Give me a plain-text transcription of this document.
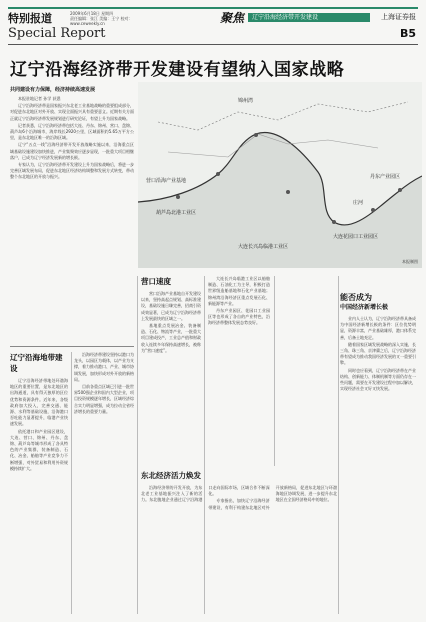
特别报道	2009年6月18日 星期四
责任编辑：张江 美编：王宁 校对：
www.ceweekly.cn	聚焦	辽宁沿海经济带开发建设	上海证券报
Special Report	B5
辽宁沿海经济带开发建设有望纳入国家战略
共同建设有力保障，经济持续高速发展

本报驻地记者 孙学 获悉

辽宁沿海经济带是国家振兴东北老工业基地战略的重要组成部分，对促进东北地区对外开放、实现全面振兴具有重要意义。近期有关方面正就辽宁沿海经济带发展规划进行研究论证，有望上升为国家战略。

记者获悉，辽宁沿海经济带包括大连、丹东、锦州、营口、盘锦、葫芦岛6个沿海城市，海岸线长2920公里，区域面积约5.65万平方公里，是东北地区唯一的沿海区域。

辽宁“五点一线”沿海经济带开发开放战略实施以来，沿海重点区域基础设施建设加快推进，产业集聚效应逐步显现，一批重大项目相继落户，已成为辽宁经济发展新的增长极。

专家认为，辽宁沿海经济带开发建设上升为国家战略后，将进一步完善区域发展布局，促进东北地区经济结构调整和发展方式转变，带动整个东北地区的开放与振兴。

锦州湾
营口沿海产业基地
葫芦岛北港工业区
大连长兴岛临港工业区
大连花园口工业园区
丹东产业园区
庄河
本报制图
辽宁沿海地带建设

辽宁沿海经济带地处环渤海地区的重要位置，是东北地区的出海通道，具有得天独厚的区位优势和资源条件。近年来，各级政府加大投入，完善交通、能源、水利等基础设施，沿海港口吞吐能力显著提升，临港产业快速发展。

依托港口和产业园区建设，大连、营口、锦州、丹东、盘锦、葫芦岛等城市形成了各具特色的产业集群，装备制造、石化、冶金、船舶等产业竞争力不断增强，对外贸易和利用外资规模持续扩大。

沿海经济带建设坚持以港口为龙头，以园区为载体，以产业为支撑，着力推动港口、产业、城市协调发展，加快形成对外开放的新格局。

目前各重点区域已引进一批世界500强企业和国内大型企业，项目投资规模逐年增长，区域经济综合实力明显增强，成为拉动全省经济增长的重要力量。

营口速度

营口沿海产业基地自开发建设以来，坚持高起点规划、高标准建设，基础设施日臻完善，招商引资成效显著，已成为辽宁沿海经济带上发展最快的区域之一。

基地重点发展冶金、装备制造、石化、物流等产业，一批重大项目建成投产，工业总产值和财政收入连续多年保持高速增长，被称为“营口速度”。

大连长兴岛临港工业区以船舶制造、石油化工为主导，积极打造世界级造船基地和石化产业基地；锦州湾沿海经济区重点发展石化、新能源等产业。

丹东产业园区、花园口工业园区等也形成了各自的产业特色，沿海经济带整体发展态势良好。

东北经济活力焕发

沿海经济带的开发开放，为东北老工业基地振兴注入了新的活力。东北腹地企业通过辽宁沿海港口走向国际市场，区域合作不断深化。

专家指出，加快辽宁沿海经济带建设，有利于构建东北地区对外开放新格局，促进东北地区与环渤海地区协调发展，进一步提升东北地区在全国经济格局中的地位。

能否成为
中国经济新增长极

业内人士认为，辽宁沿海经济带具备成为中国经济新增长极的条件：区位优势明显，资源丰富，产业基础雄厚，港口体系完善，后备土地充足。

随着国家区域发展战略的深入实施，长三角、珠三角、京津冀之后，辽宁沿海经济带有望成为推动我国经济发展的又一重要引擎。

同时也应看到，辽宁沿海经济带在产业结构、创新能力、体制机制等方面仍存在一些问题，需要在开发建设过程中加以解决，实现经济社会又好又快发展。
